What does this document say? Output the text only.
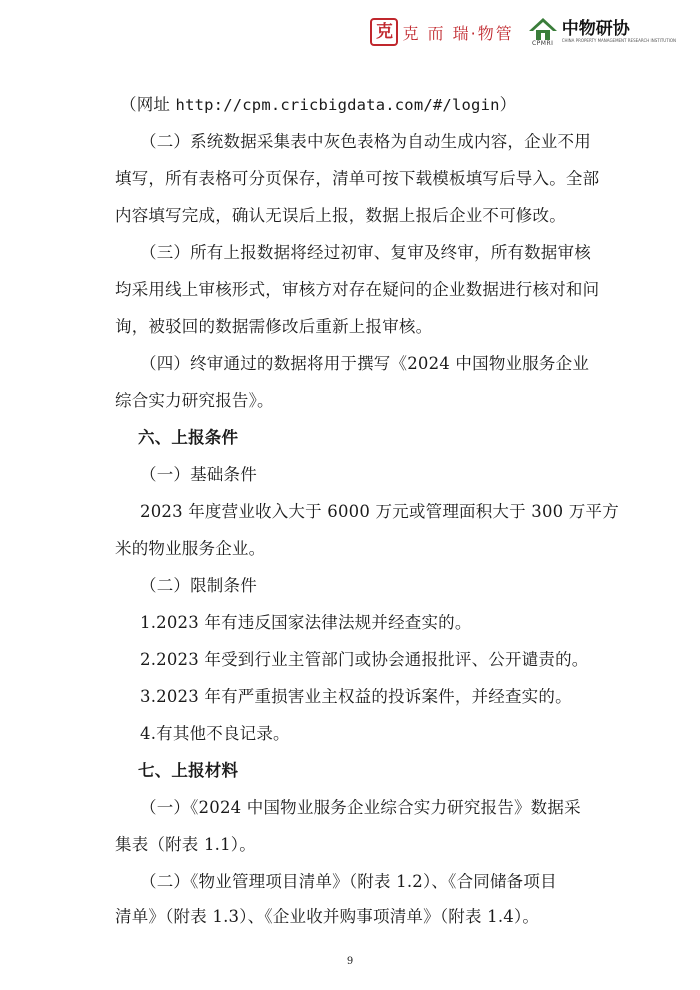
克 克 而 瑞·物管
CPMRI
中物研协
CHINA PROPERTY MANAGEMENT RESEARCH INSTITUTION
（网址 http://cpm.cricbigdata.com/#/login）
（二）系统数据采集表中灰色表格为自动生成内容，企业不用
填写，所有表格可分页保存，清单可按下载模板填写后导入。全部
内容填写完成，确认无误后上报，数据上报后企业不可修改。
（三）所有上报数据将经过初审、复审及终审，所有数据审核
均采用线上审核形式，审核方对存在疑问的企业数据进行核对和问
询，被驳回的数据需修改后重新上报审核。
（四）终审通过的数据将用于撰写《2024 中国物业服务企业
综合实力研究报告》。
六、上报条件
（一）基础条件
2023 年度营业收入大于 6000 万元或管理面积大于 300 万平方
米的物业服务企业。
（二）限制条件
1.2023 年有违反国家法律法规并经查实的。
2.2023 年受到行业主管部门或协会通报批评、公开谴责的。
3.2023 年有严重损害业主权益的投诉案件，并经查实的。
4.有其他不良记录。
七、上报材料
（一）《2024 中国物业服务企业综合实力研究报告》数据采
集表（附表 1.1）。
（二）《物业管理项目清单》（附表 1.2）、《合同储备项目
清单》（附表 1.3）、《企业收并购事项清单》（附表 1.4）。
9
